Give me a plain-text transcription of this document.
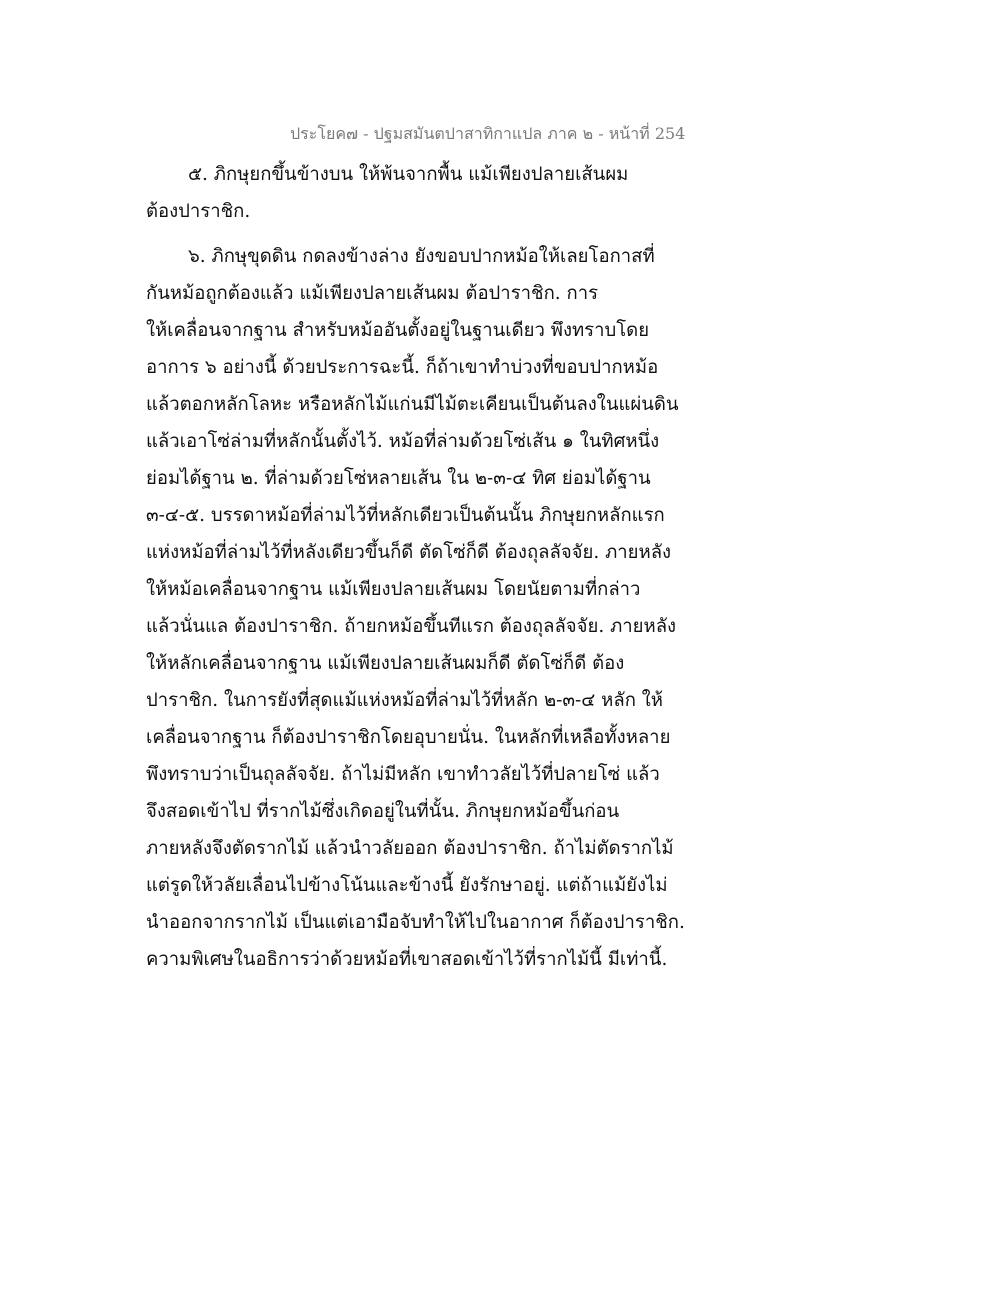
ประโยค๗ - ปฐมสมันตปาสาทิกาแปล ภาค ๒ - หน้าที่ 254
๕. ภิกษุยกขึ้นข้างบน ให้พ้นจากพื้น แม้เพียงปลายเส้นผม
ต้องปาราชิก.
๖. ภิกษุขุดดิน กดลงข้างล่าง ยังขอบปากหม้อให้เลยโอกาสที่
กันหม้อถูกต้องแล้ว แม้เพียงปลายเส้นผม ต้อปาราชิก. การ
ให้เคลื่อนจากฐาน สำหรับหม้ออันตั้งอยู่ในฐานเดียว พึงทราบโดย
อาการ ๖ อย่างนี้ ด้วยประการฉะนี้. ก็ถ้าเขาทำบ่วงที่ขอบปากหม้อ
แล้วตอกหลักโลหะ หรือหลักไม้แก่นมีไม้ตะเคียนเป็นต้นลงในแผ่นดิน
แล้วเอาโซ่ล่ามที่หลักนั้นตั้งไว้. หม้อที่ล่ามด้วยโซ่เส้น ๑ ในทิศหนึ่ง
ย่อมได้ฐาน ๒. ที่ล่ามด้วยโซ่หลายเส้น ใน ๒-๓-๔ ทิศ ย่อมได้ฐาน
๓-๔-๕. บรรดาหม้อที่ล่ามไว้ที่หลักเดียวเป็นต้นนั้น ภิกษุยกหลักแรก
แห่งหม้อที่ล่ามไว้ที่หลังเดียวขึ้นก็ดี ตัดโซ่ก็ดี ต้องถุลลัจจัย. ภายหลัง
ให้หม้อเคลื่อนจากฐาน แม้เพียงปลายเส้นผม โดยนัยตามที่กล่าว
แล้วนั่นแล ต้องปาราชิก. ถ้ายกหม้อขึ้นทีแรก ต้องถุลลัจจัย. ภายหลัง
ให้หลักเคลื่อนจากฐาน แม้เพียงปลายเส้นผมก็ดี ตัดโซ่ก็ดี ต้อง
ปาราชิก. ในการยังที่สุดแม้แห่งหม้อที่ล่ามไว้ที่หลัก ๒-๓-๔ หลัก ให้
เคลื่อนจากฐาน ก็ต้องปาราชิกโดยอุบายนั่น. ในหลักที่เหลือทั้งหลาย
พึงทราบว่าเป็นถุลลัจจัย. ถ้าไม่มีหลัก เขาทำวลัยไว้ที่ปลายโซ่ แล้ว
จึงสอดเข้าไป ที่รากไม้ซึ่งเกิดอยู่ในที่นั้น. ภิกษุยกหม้อขึ้นก่อน
ภายหลังจึงตัดรากไม้ แล้วนำวลัยออก ต้องปาราชิก. ถ้าไม่ตัดรากไม้
แต่รูดให้วลัยเลื่อนไปข้างโน้นและข้างนี้ ยังรักษาอยู่. แต่ถ้าแม้ยังไม่
นำออกจากรากไม้ เป็นแต่เอามือจับทำให้ไปในอากาศ ก็ต้องปาราชิก.
ความพิเศษในอธิการว่าด้วยหม้อที่เขาสอดเข้าไว้ที่รากไม้นี้ มีเท่านี้.
